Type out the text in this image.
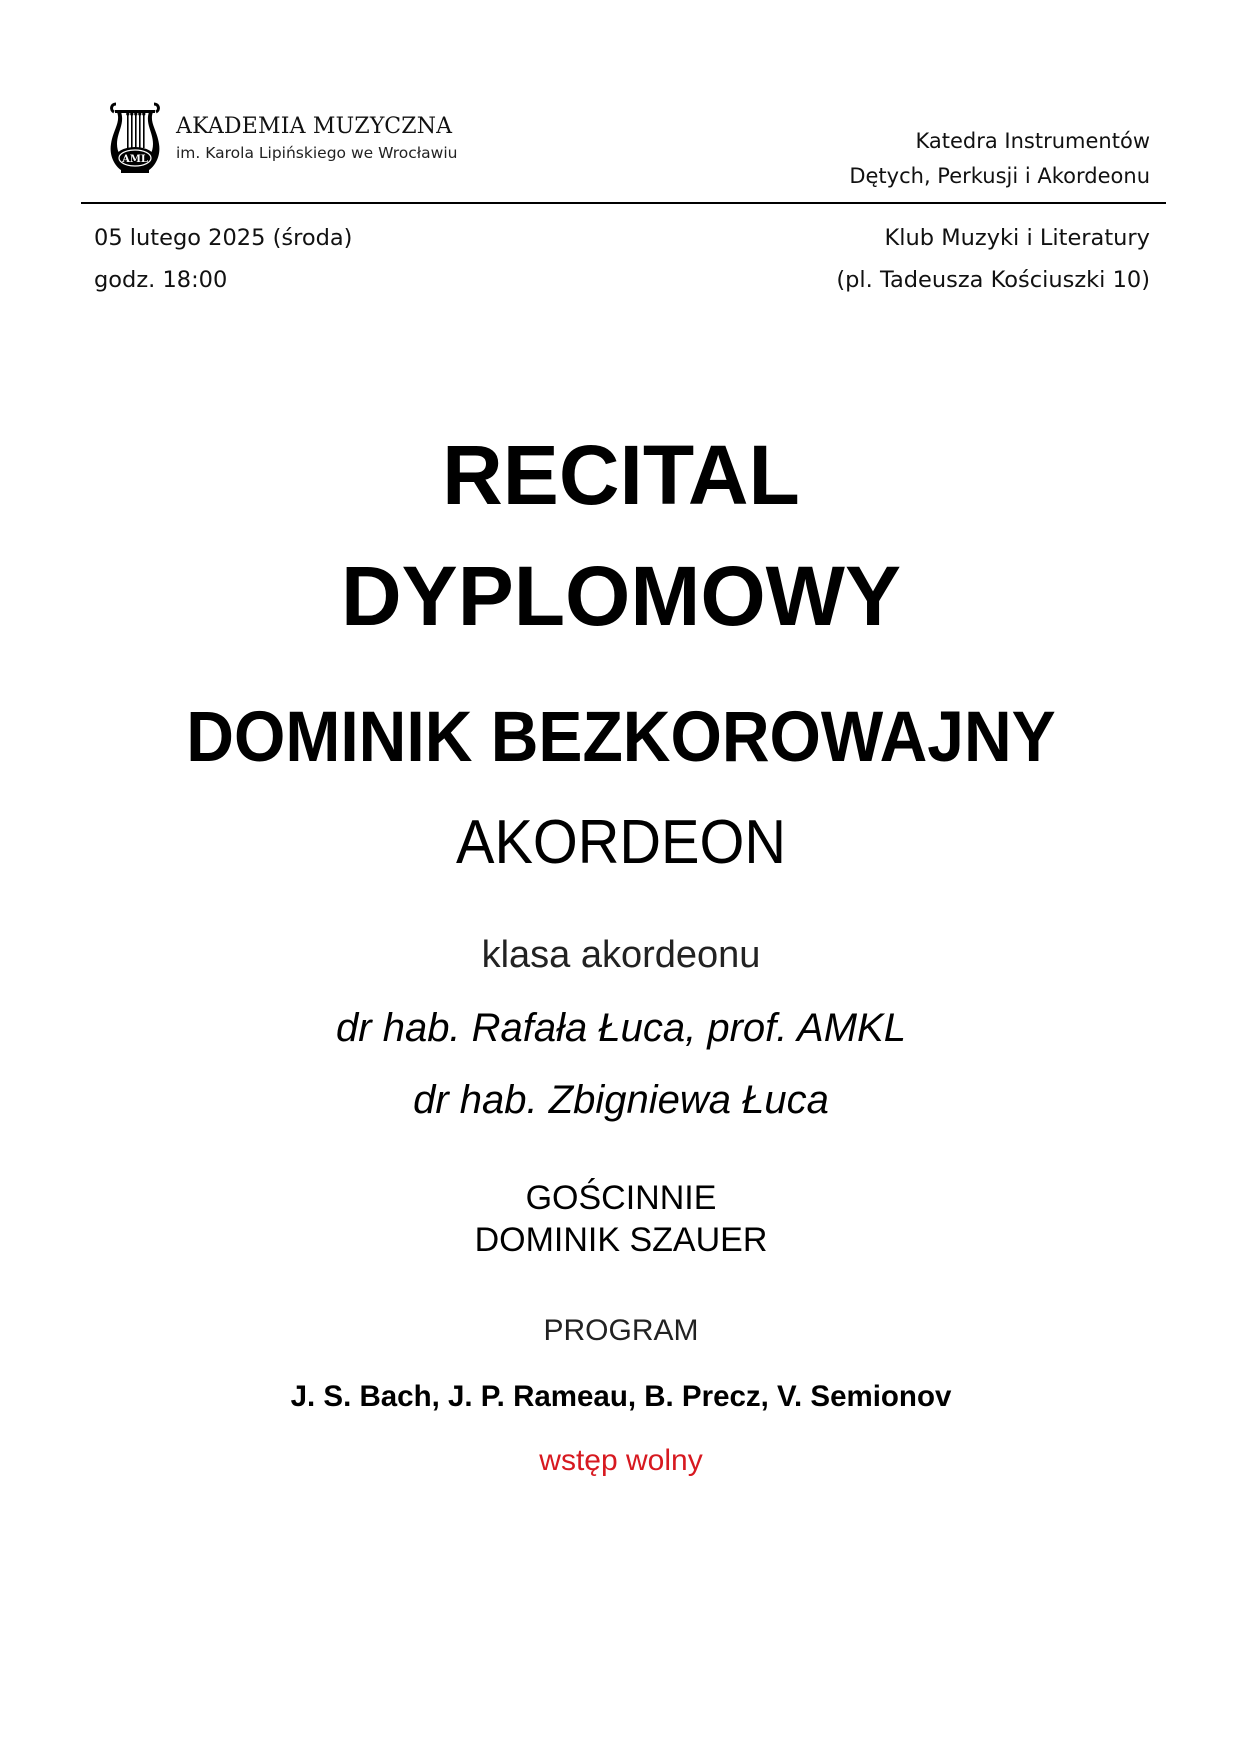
AML
AKADEMIA MUZYCZNA
im. Karola Lipińskiego we Wrocławiu	Katedra Instrumentów
Dętych, Perkusji i Akordeonu
05 lutego 2025 (środa)
godz. 18:00
Klub Muzyki i Literatury
(pl. Tadeusza Kościuszki 10)
RECITAL
DYPLOMOWY
DOMINIK BEZKOROWAJNY
AKORDEON
klasa akordeonu
dr hab. Rafała Łuca, prof. AMKL
dr hab. Zbigniewa Łuca
GOŚCINNIE
DOMINIK SZAUER
PROGRAM
J. S. Bach, J. P. Rameau, B. Precz, V. Semionov
wstęp wolny
